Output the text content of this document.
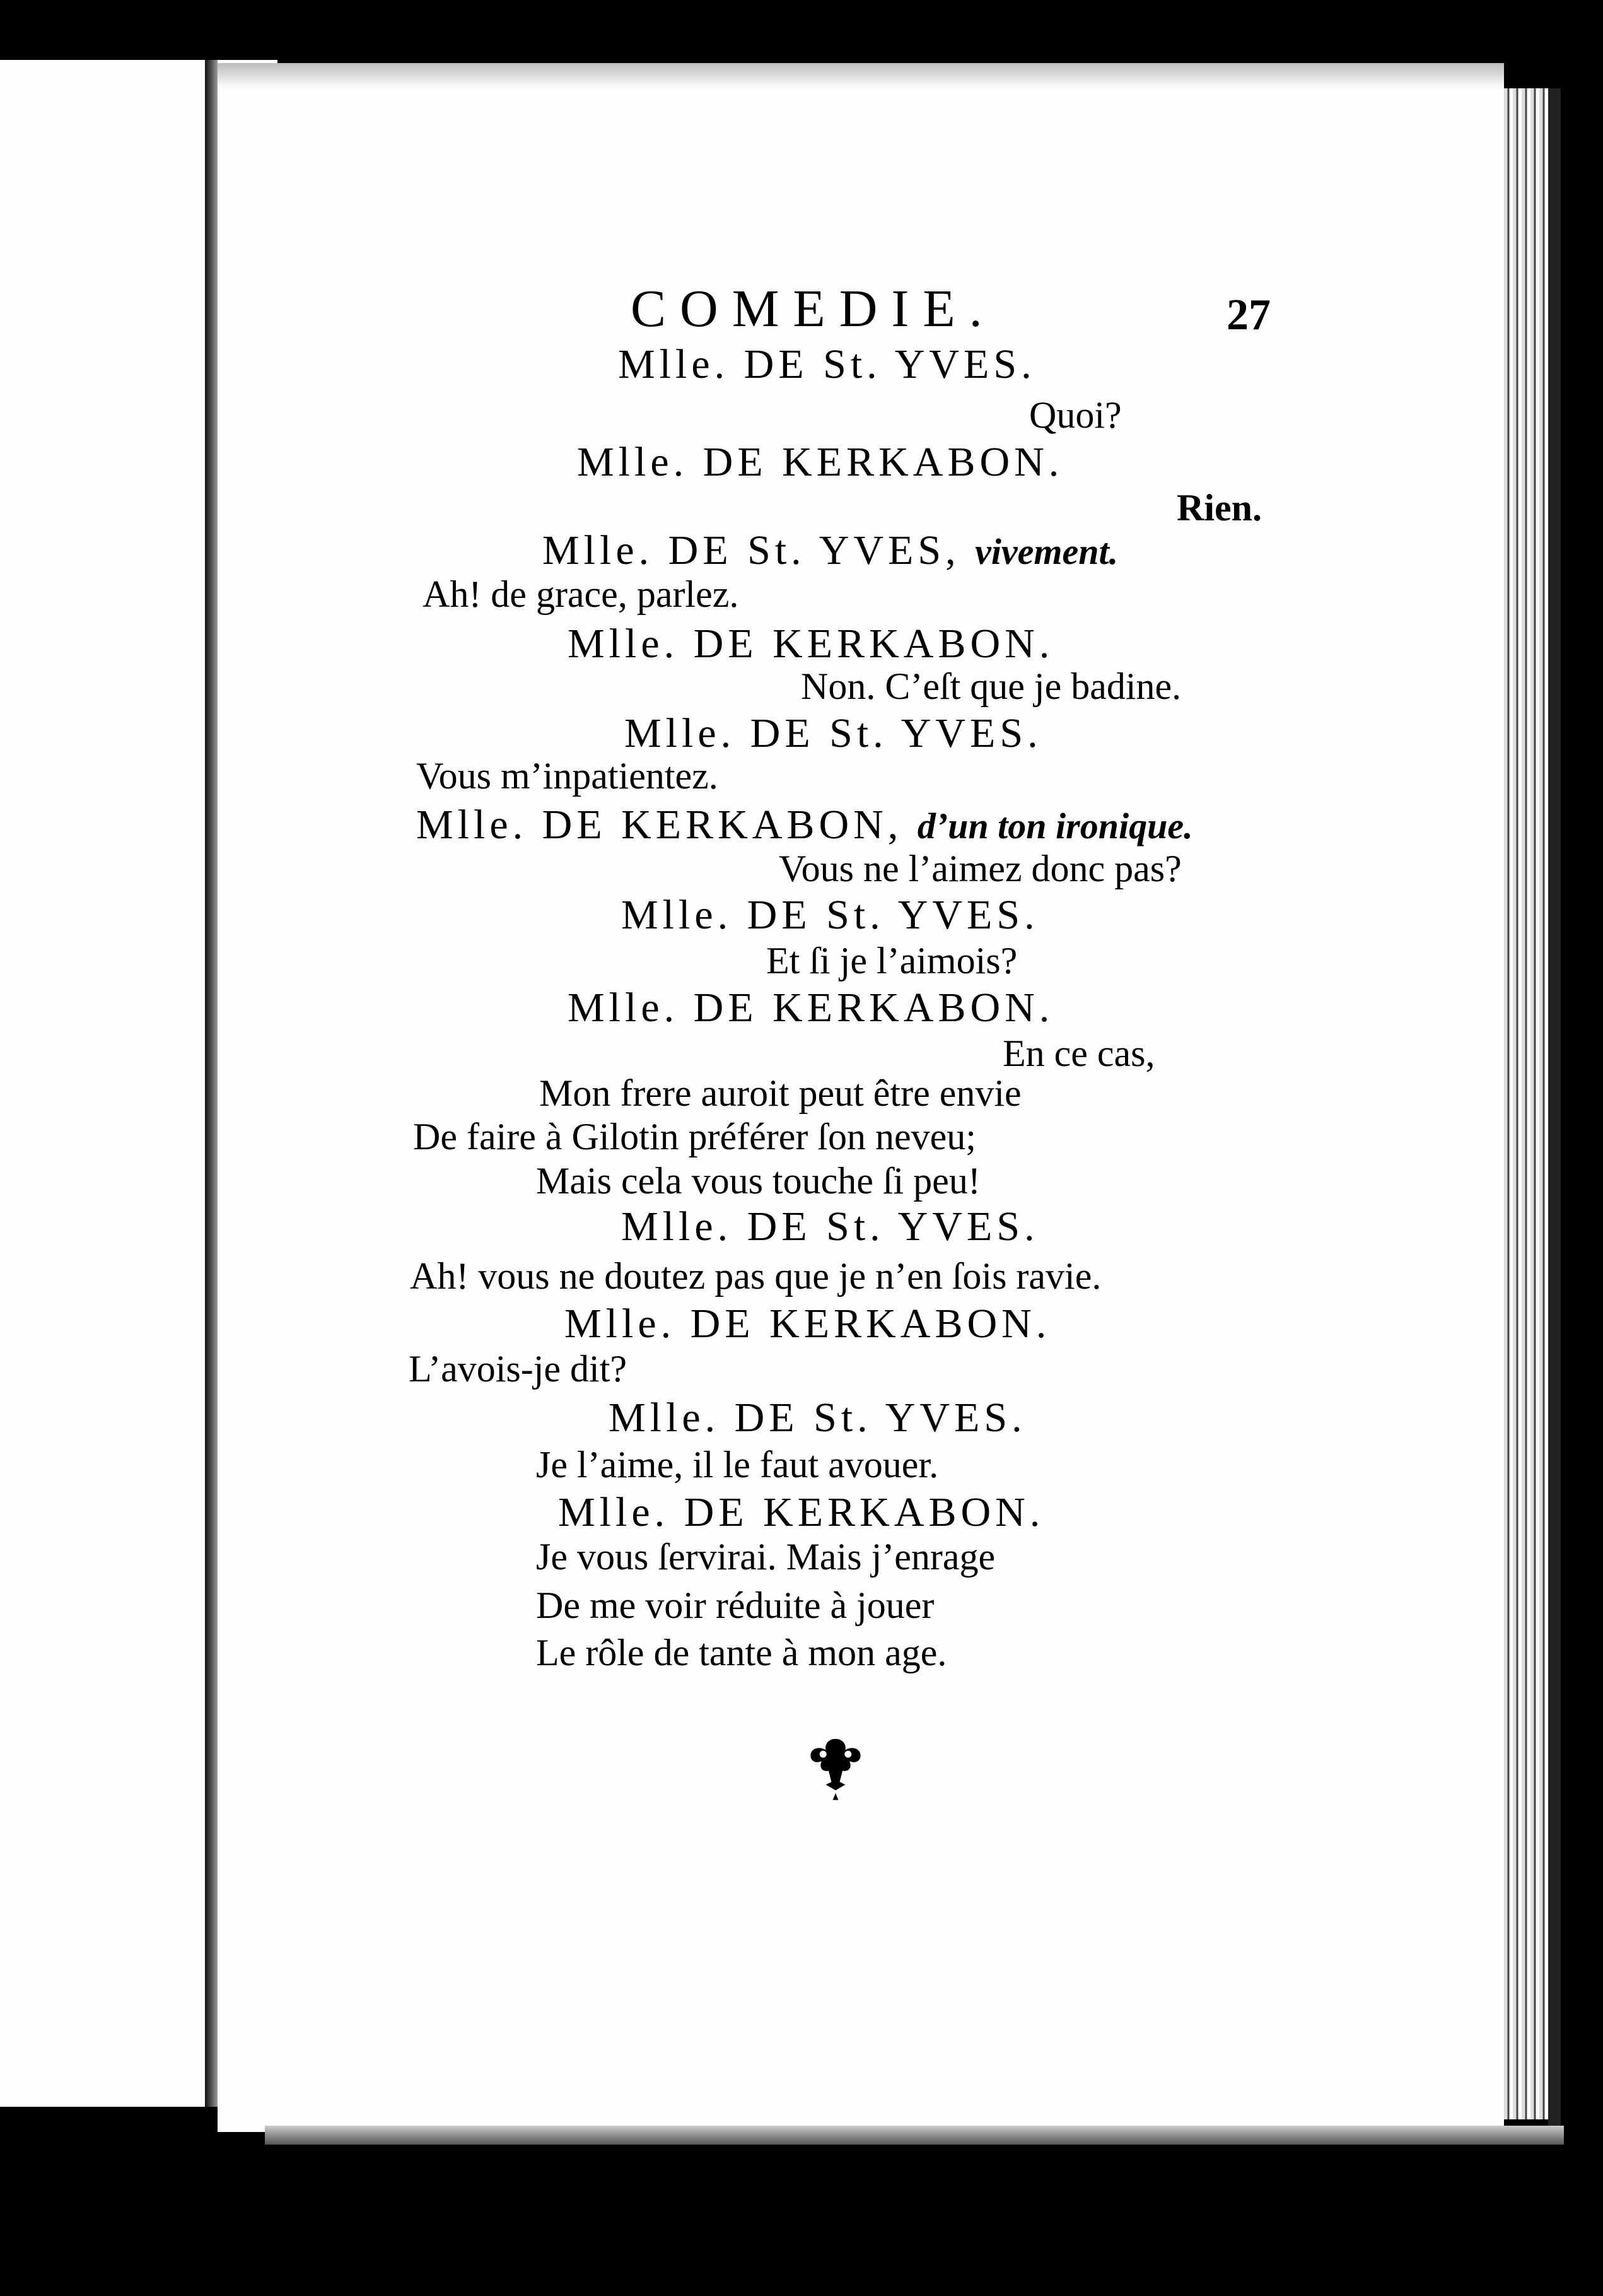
COMEDIE.	27
Mlle. DE St. YVES.
Quoi?
Mlle. DE KERKABON.
Rien.
Mlle. DE St. YVES, vivement.
Ah! de grace, parlez.
Mlle. DE KERKABON.
Non. C’eſt que je badine.
Mlle. DE St. YVES.
Vous m’inpatientez.
Mlle. DE KERKABON, d’un ton ironique.
Vous ne l’aimez donc pas?
Mlle. DE St. YVES.
Et ſi je l’aimois?
Mlle. DE KERKABON.
En ce cas,
Mon frere auroit peut être envie
De faire à Gilotin préférer ſon neveu;
Mais cela vous touche ſi peu!
Mlle. DE St. YVES.
Ah! vous ne doutez pas que je n’en ſois ravie.
Mlle. DE KERKABON.
L’avois-je dit?
Mlle. DE St. YVES.
Je l’aime, il le faut avouer.
Mlle. DE KERKABON.
Je vous ſervirai. Mais j’enrage
De me voir réduite à jouer
Le rôle de tante à mon age.
